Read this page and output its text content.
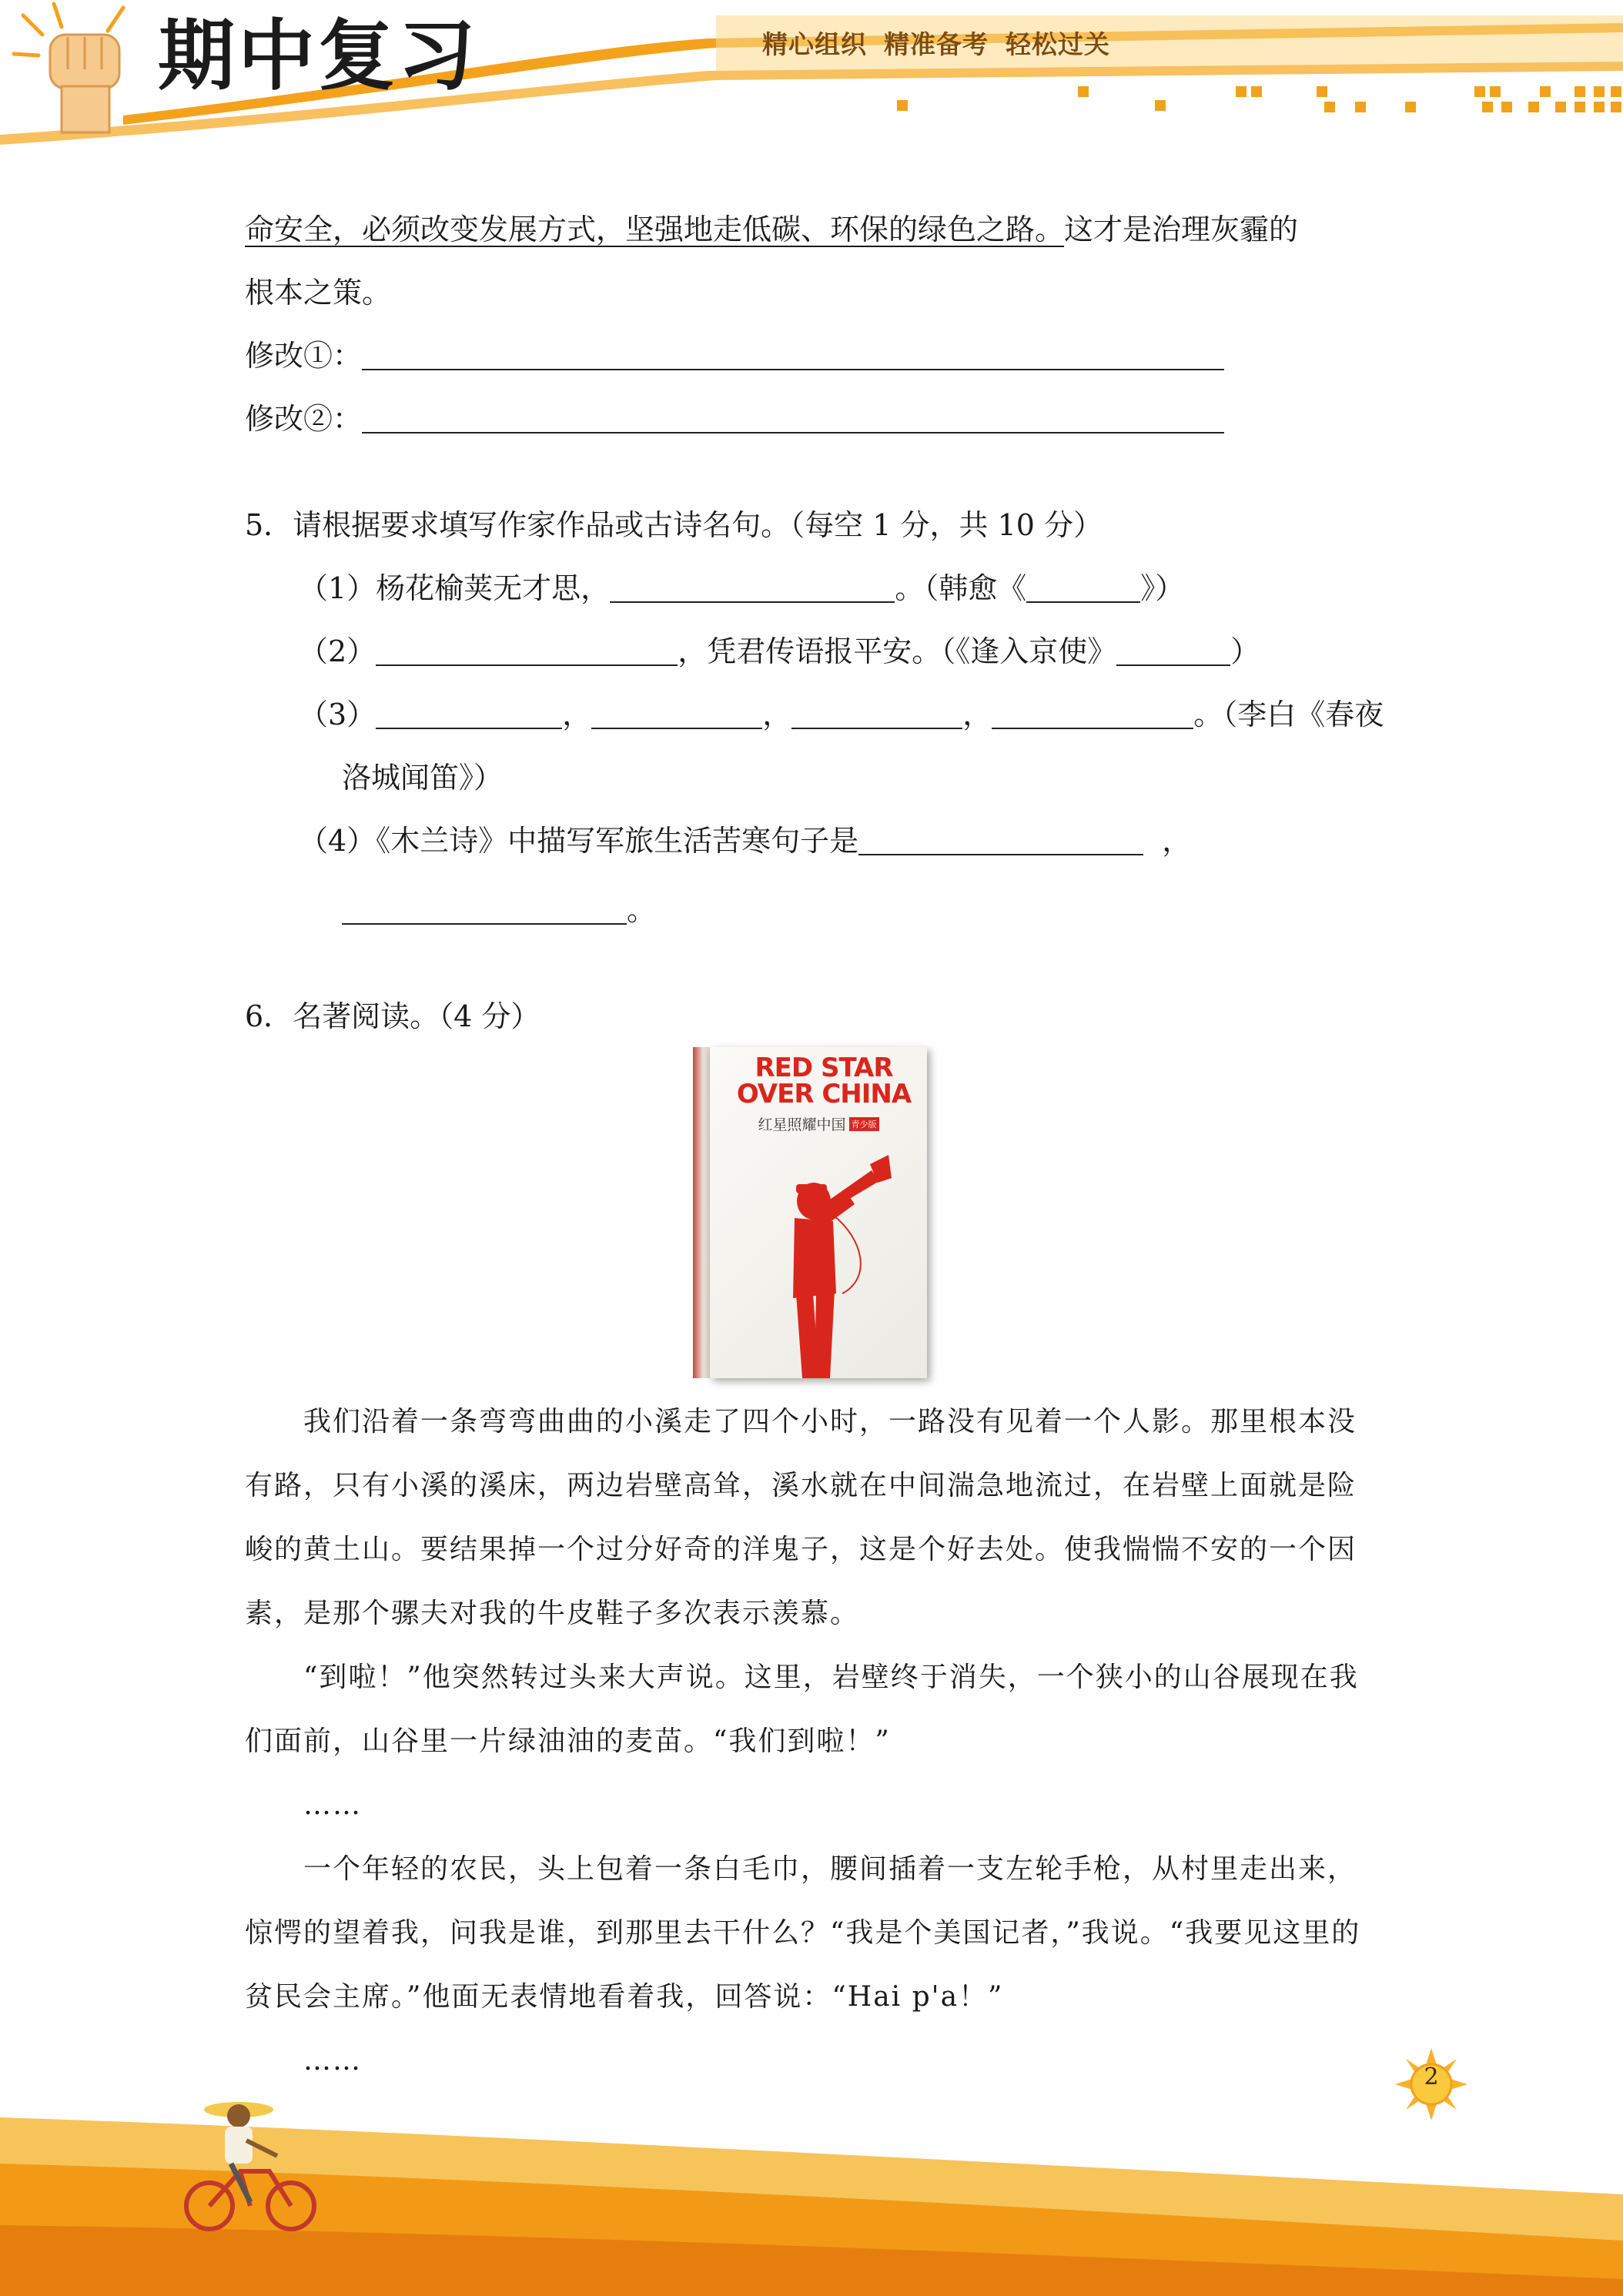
期中复习	精心组织 精准备考 轻松过关
命安全，必须改变发展方式，坚强地走低碳、环保的绿色之路。这才是治理灰霾的
根本之策。
修改①：
修改②：
5．请根据要求填写作家作品或古诗名句。（每空 1 分，共 10 分）
（1）杨花榆荚无才思，	。（韩愈《	》）
（2）	，凭君传语报平安。（《逢入京使》	）
（3）	，	，	，	。（李白《春夜
洛城闻笛》）
（4）《木兰诗》中描写军旅生活苦寒句子是	，
。
6．名著阅读。（4 分）
RED STAR
OVER CHINA
红星照耀中国 青少版
我们沿着一条弯弯曲曲的小溪走了四个小时，一路没有见着一个人影。那里根本没有路，只有小溪的溪床，两边岩壁高耸，溪水就在中间湍急地流过，在岩壁上面就是险峻的黄土山。要结果掉一个过分好奇的洋鬼子，这是个好去处。使我惴惴不安的一个因素，是那个骡夫对我的牛皮鞋子多次表示羡慕。
“到啦！”他突然转过头来大声说。这里，岩壁终于消失，一个狭小的山谷展现在我们面前，山谷里一片绿油油的麦苗。“我们到啦！”
……
一个年轻的农民，头上包着一条白毛巾，腰间插着一支左轮手枪，从村里走出来，惊愕的望着我，问我是谁，到那里去干什么？“我是个美国记者，”我说。“我要见这里的贫民会主席。”他面无表情地看着我，回答说：“Hai p'a！”
……
2
